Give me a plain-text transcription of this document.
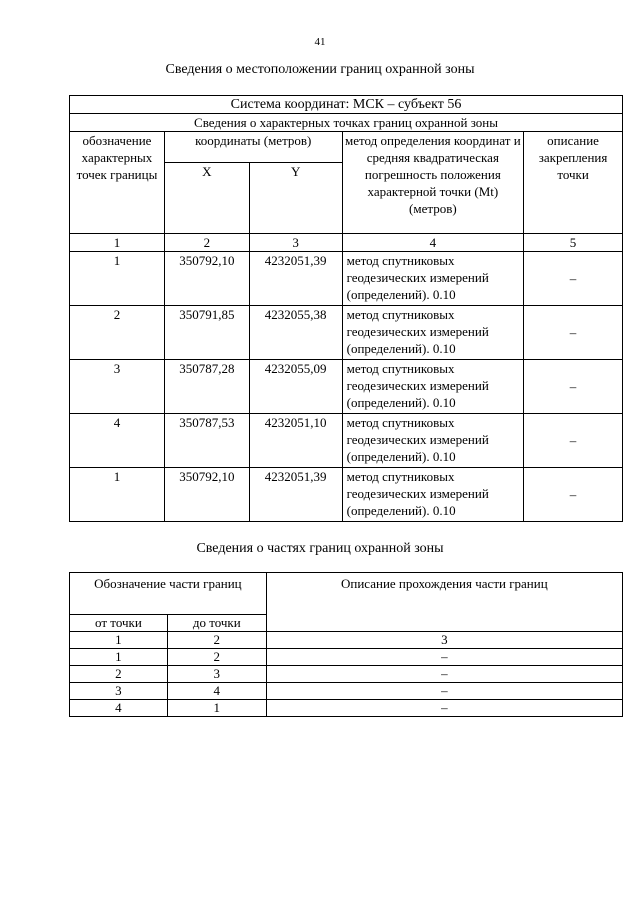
41
Сведения о местоположении границ охранной зоны
Система координат: МСК – субъект 56				
Сведения о характерных точках границ охранной зоны				
обозначение характерных точек границы	координаты (метров)		метод определения координат и средняя квадратическая погрешность положения характерной точки (Mt) (метров)	описание закрепления точки
	X	Y		
1	2	3	4	5
1	350792,10	4232051,39	метод спутниковых геодезических измерений (определений). 0.10	–
2	350791,85	4232055,38	метод спутниковых геодезических измерений (определений). 0.10	–
3	350787,28	4232055,09	метод спутниковых геодезических измерений (определений). 0.10	–
4	350787,53	4232051,10	метод спутниковых геодезических измерений (определений). 0.10	–
1	350792,10	4232051,39	метод спутниковых геодезических измерений (определений). 0.10	–
Сведения о частях границ охранной зоны
Обозначение части границ		Описание прохождения части границ
от точки	до точки	
1	2	3
1	2	–
2	3	–
3	4	–
4	1	–
